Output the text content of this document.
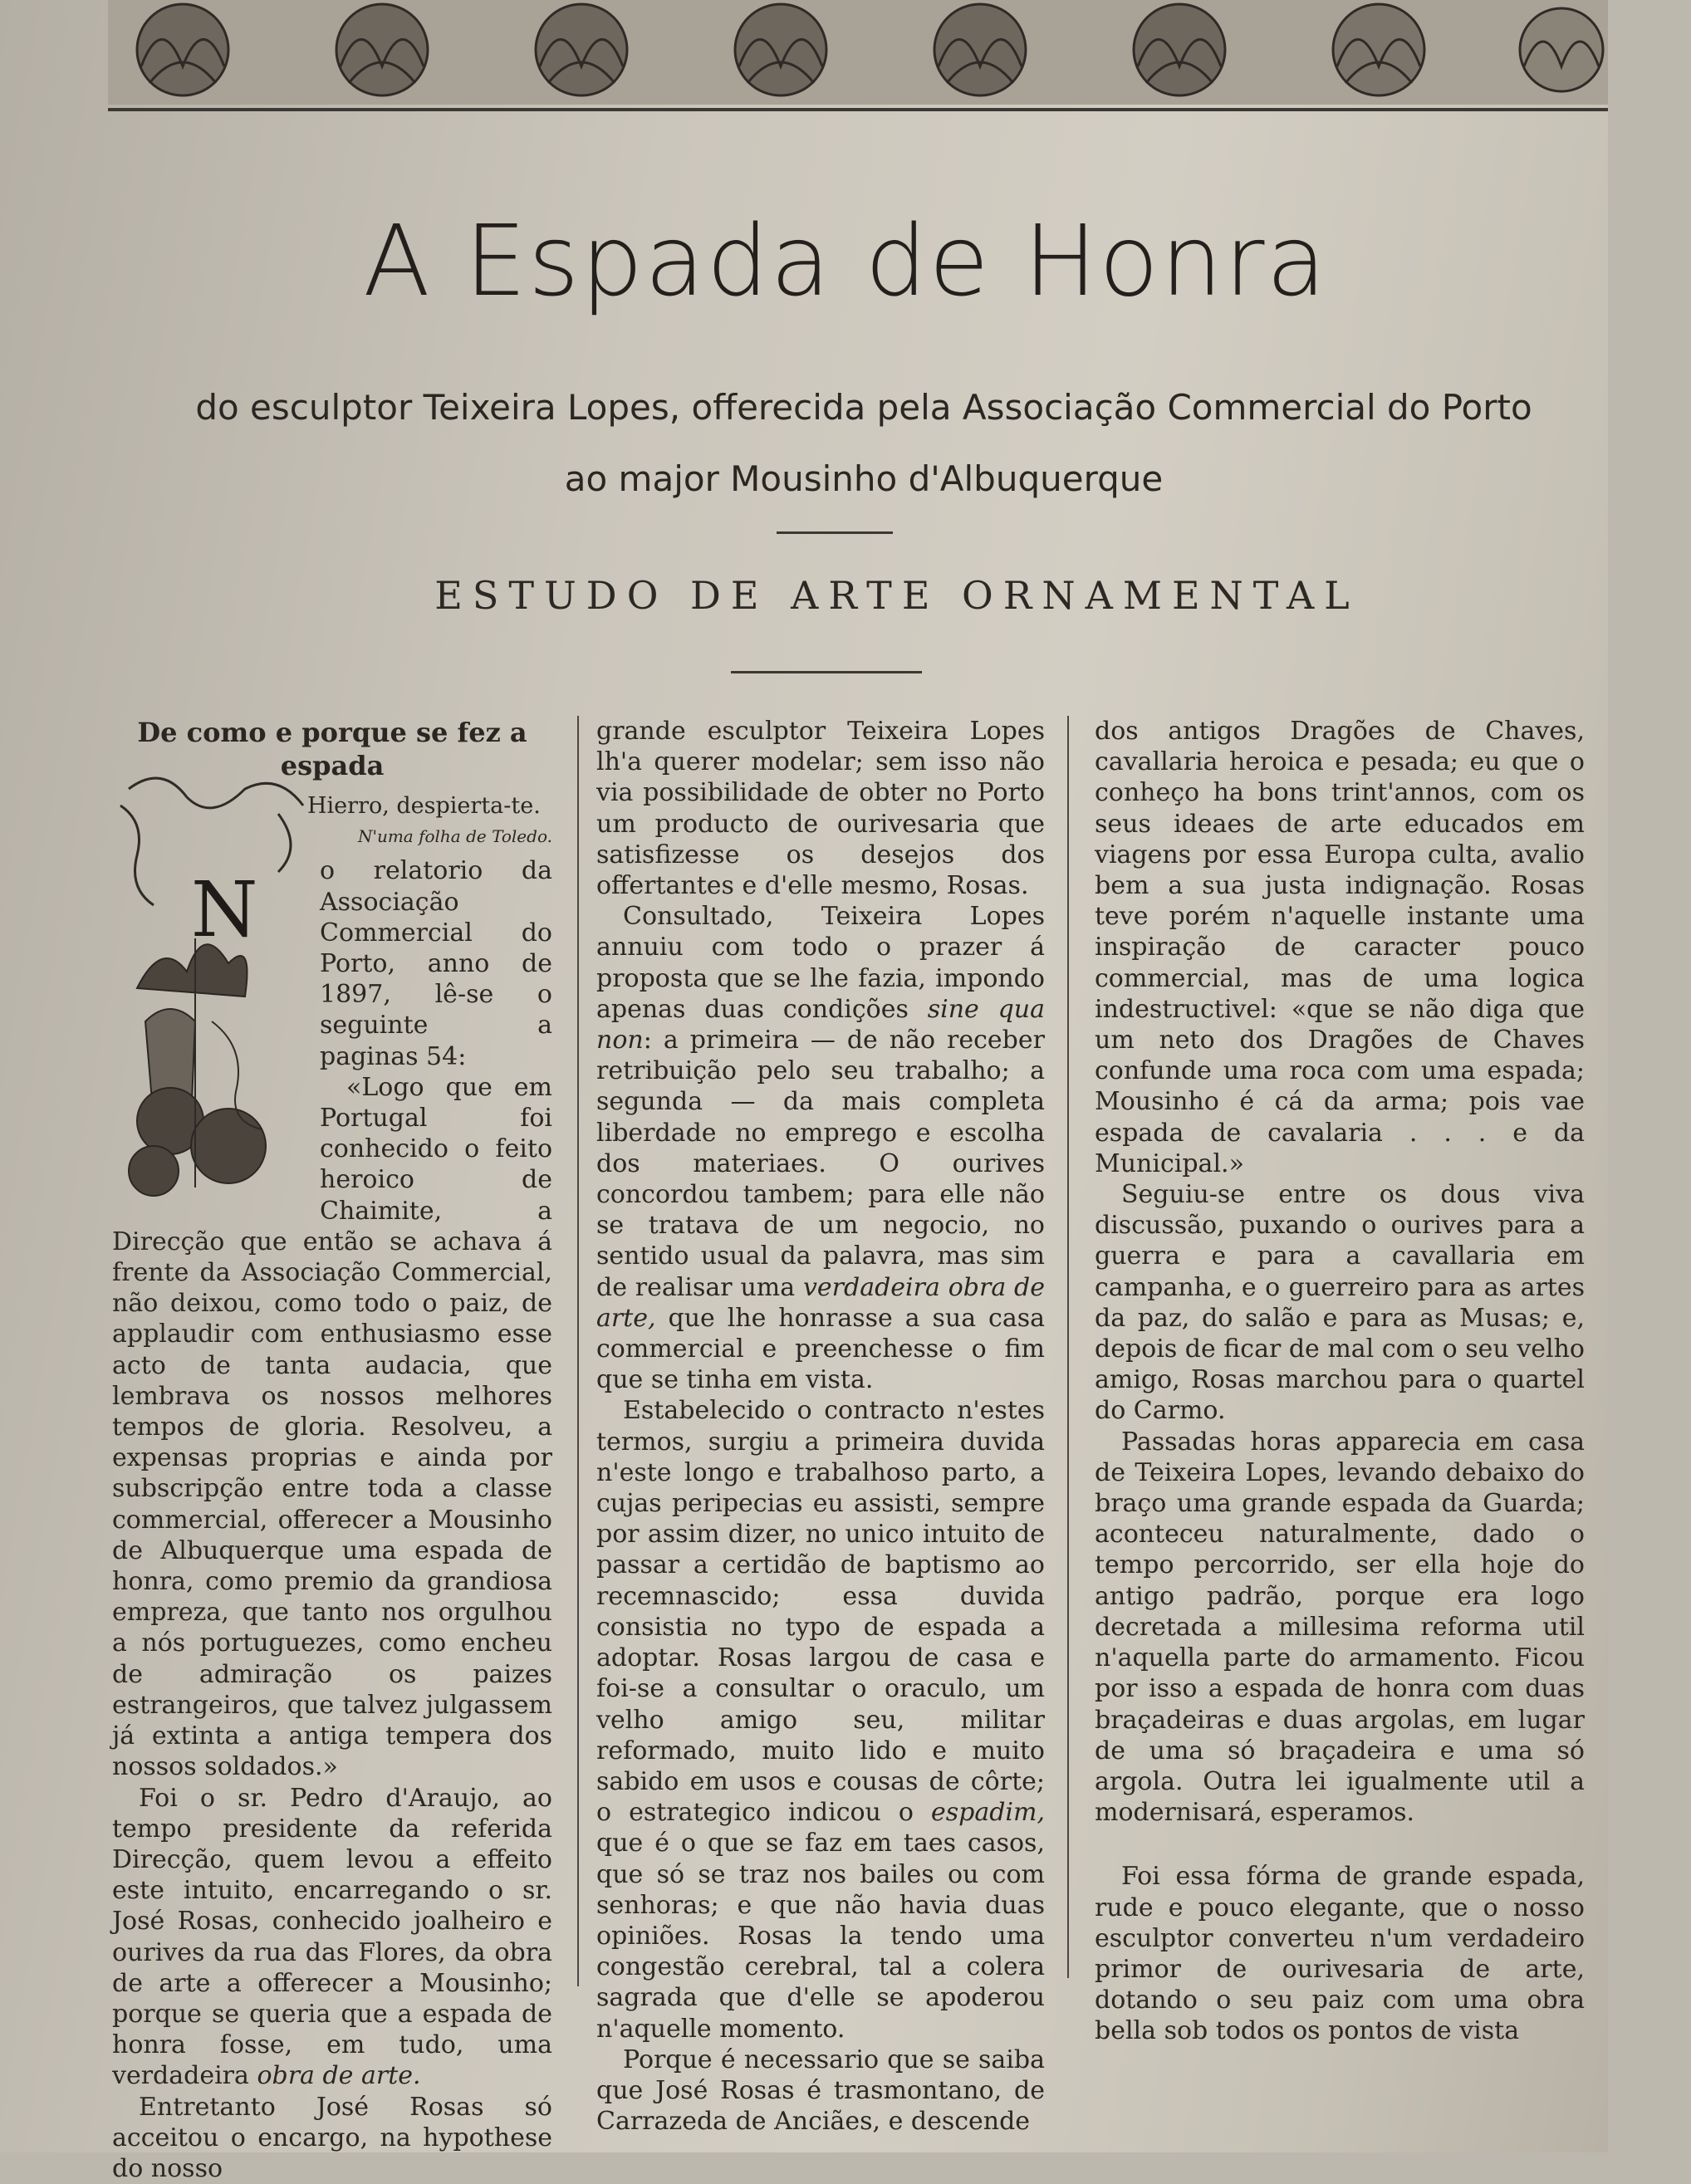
A Espada de Honra
do esculptor Teixeira Lopes, offerecida pela Associação Commercial do Porto
ao major Mousinho d'Albuquerque
ESTUDO DE ARTE ORNAMENTAL
De como e porque se fez a espada
Hierro, despierta-te.
N'uma folha de Toledo.
N	o relatorio da Associação Commercial do Porto, anno de 1897, lê-se o seguinte a paginas 54:

«Logo que em Portugal foi conhecido o feito heroico de Chaimite, a Direcção que então se achava á frente da Associação Commercial, não deixou, como todo o paiz, de applaudir com enthusiasmo esse acto de tanta audacia, que lembrava os nossos melhores tempos de gloria. Resolveu, a expensas proprias e ainda por subscripção entre toda a classe commercial, offerecer a Mousinho de Albuquerque uma espada de honra, como premio da grandiosa empreza, que tanto nos orgulhou a nós portuguezes, como encheu de admiração os paizes estrangeiros, que talvez julgassem já extinta a antiga tempera dos nossos soldados.»

Foi o sr. Pedro d'Araujo, ao tempo presidente da referida Direcção, quem levou a effeito este intuito, encarregando o sr. José Rosas, conhecido joalheiro e ourives da rua das Flores, da obra de arte a offerecer a Mousinho; porque se queria que a espada de honra fosse, em tudo, uma verdadeira obra de arte.

Entretanto José Rosas só acceitou o encargo, na hypothese do nosso

grande esculptor Teixeira Lopes lh'a querer modelar; sem isso não via possibilidade de obter no Porto um producto de ourivesaria que satisfizesse os desejos dos offertantes e d'elle mesmo, Rosas.

Consultado, Teixeira Lopes annuiu com todo o prazer á proposta que se lhe fazia, impondo apenas duas condições sine qua non: a primeira — de não receber retribuição pelo seu trabalho; a segunda — da mais completa liberdade no emprego e escolha dos materiaes. O ourives concordou tambem; para elle não se tratava de um negocio, no sentido usual da palavra, mas sim de realisar uma verdadeira obra de arte, que lhe honrasse a sua casa commercial e preenchesse o fim que se tinha em vista.

Estabelecido o contracto n'estes termos, surgiu a primeira duvida n'este longo e trabalhoso parto, a cujas peripecias eu assisti, sempre por assim dizer, no unico intuito de passar a certidão de baptismo ao recemnascido; essa duvida consistia no typo de espada a adoptar. Rosas largou de casa e foi-se a consultar o oraculo, um velho amigo seu, militar reformado, muito lido e muito sabido em usos e cousas de côrte; o estrategico indicou o espadim, que é o que se faz em taes casos, que só se traz nos bailes ou com senhoras; e que não havia duas opiniões. Rosas la tendo uma congestão cerebral, tal a colera sagrada que d'elle se apoderou n'aquelle momento.

Porque é necessario que se saiba que José Rosas é trasmontano, de Carrazeda de Anciães, e descende

dos antigos Dragões de Chaves, cavallaria heroica e pesada; eu que o conheço ha bons trint'annos, com os seus ideaes de arte educados em viagens por essa Europa culta, avalio bem a sua justa indignação. Rosas teve porém n'aquelle instante uma inspiração de caracter pouco commercial, mas de uma logica indestructivel: «que se não diga que um neto dos Dragões de Chaves confunde uma roca com uma espada; Mousinho é cá da arma; pois vae espada de cavalaria . . . e da Municipal.»

Seguiu-se entre os dous viva discussão, puxando o ourives para a guerra e para a cavallaria em campanha, e o guerreiro para as artes da paz, do salão e para as Musas; e, depois de ficar de mal com o seu velho amigo, Rosas marchou para o quartel do Carmo.

Passadas horas apparecia em casa de Teixeira Lopes, levando debaixo do braço uma grande espada da Guarda; aconteceu naturalmente, dado o tempo percorrido, ser ella hoje do antigo padrão, porque era logo decretada a millesima reforma util n'aquella parte do armamento. Ficou por isso a espada de honra com duas braçadeiras e duas argolas, em lugar de uma só braçadeira e uma só argola. Outra lei igualmente util a modernisará, esperamos.

Foi essa fórma de grande espada, rude e pouco elegante, que o nosso esculptor converteu n'um verdadeiro primor de ourivesaria de arte, dotando o seu paiz com uma obra bella sob todos os pontos de vista
